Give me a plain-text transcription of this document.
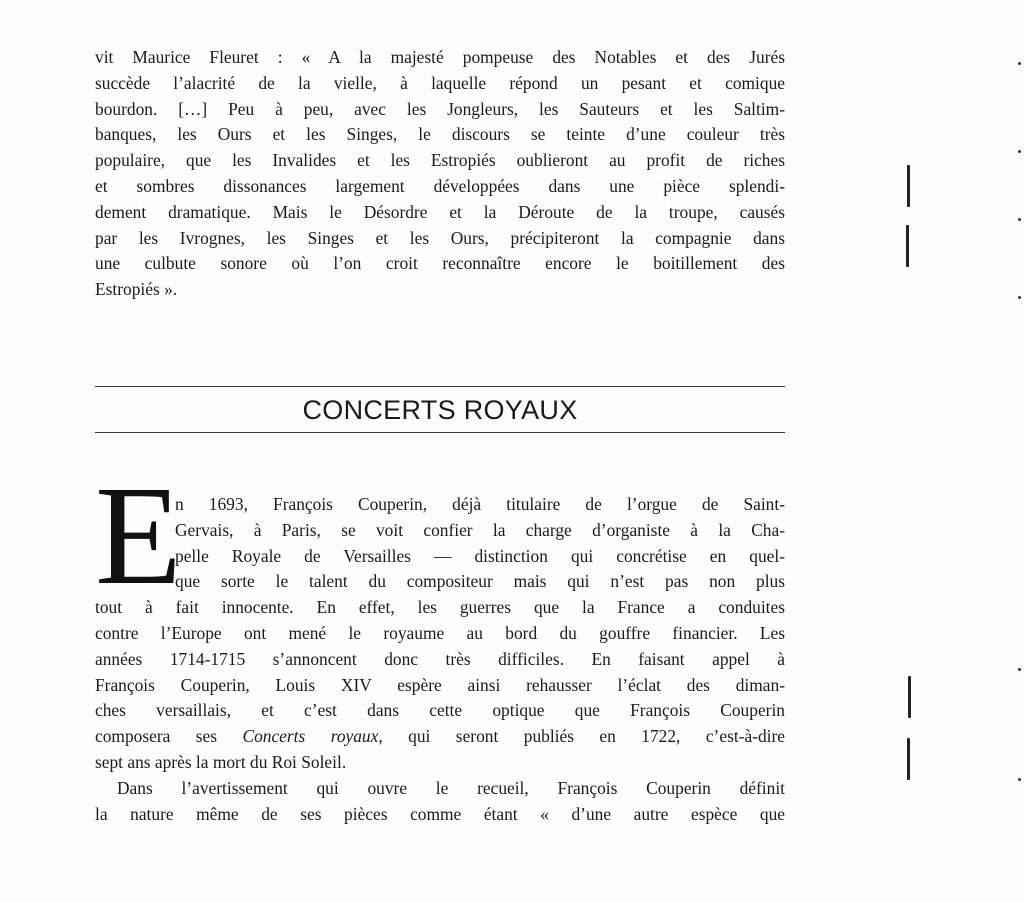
vit Maurice Fleuret : « A la majesté pompeuse des Notables et des Jurés
succède l’alacrité de la vielle, à laquelle répond un pesant et comique
bourdon. […] Peu à peu, avec les Jongleurs, les Sauteurs et les Saltim-
banques, les Ours et les Singes, le discours se teinte d’une couleur très
populaire, que les Invalides et les Estropiés oublieront au profit de riches
et sombres dissonances largement développées dans une pièce splendi-
dement dramatique. Mais le Désordre et la Déroute de la troupe, causés
par les Ivrognes, les Singes et les Ours, précipiteront la compagnie dans
une culbute sonore où l’on croit reconnaître encore le boitillement des
Estropiés ».
CONCERTS ROYAUX
E
n 1693, François Couperin, déjà titulaire de l’orgue de Saint-
Gervais, à Paris, se voit confier la charge d’organiste à la Cha-
pelle Royale de Versailles — distinction qui concrétise en quel-
que sorte le talent du compositeur mais qui n’est pas non plus
tout à fait innocente. En effet, les guerres que la France a conduites
contre l’Europe ont mené le royaume au bord du gouffre financier. Les
années 1714-1715 s’annoncent donc très difficiles. En faisant appel à
François Couperin, Louis XIV espère ainsi rehausser l’éclat des diman-
ches versaillais, et c’est dans cette optique que François Couperin
composera ses Concerts royaux, qui seront publiés en 1722, c’est-à-dire
sept ans après la mort du Roi Soleil.
Dans l’avertissement qui ouvre le recueil, François Couperin définit
la nature même de ses pièces comme étant « d’une autre espèce que
